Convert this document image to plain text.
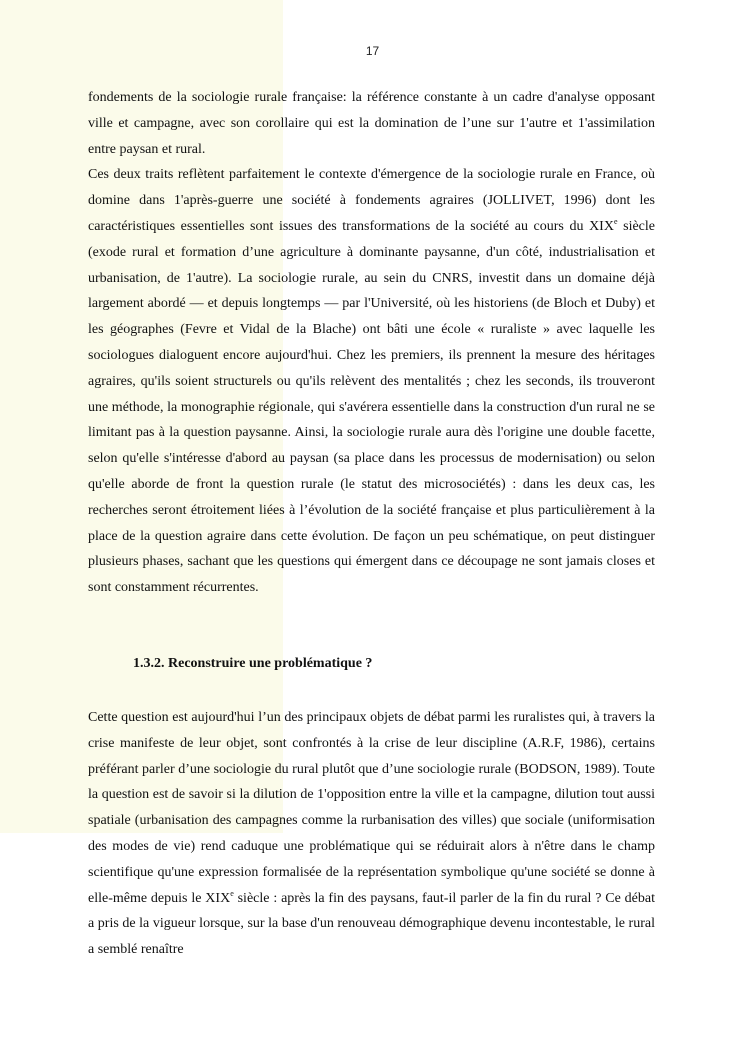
17

fondements de la sociologie rurale française: la référence constante à un cadre d'analyse opposant ville et campagne, avec son corollaire qui est la domination de l’une sur 1'autre et 1'assimilation entre paysan et rural.

Ces deux traits reflètent parfaitement le contexte d'émergence de la sociologie rurale en France, où domine dans 1'après-guerre une société à fondements agraires (JOLLIVET, 1996) dont les caractéristiques essentielles sont issues des transformations de la société au cours du XIXe siècle (exode rural et formation d’une agriculture à dominante paysanne, d'un côté, industrialisation et urbanisation, de 1'autre). La sociologie rurale, au sein du CNRS, investit dans un domaine déjà largement abordé — et depuis longtemps — par l'Université, où les historiens (de Bloch et Duby) et les géographes (Fevre et Vidal de la Blache) ont bâti une école « ruraliste » avec laquelle les sociologues dialoguent encore aujourd'hui. Chez les premiers, ils prennent la mesure des héritages agraires, qu'ils soient structurels ou qu'ils relèvent des mentalités ; chez les seconds, ils trouveront une méthode, la monographie régionale, qui s'avérera essentielle dans la construction d'un rural ne se limitant pas à la question paysanne. Ainsi, la sociologie rurale aura dès l'origine une double facette, selon qu'elle s'intéresse d'abord au paysan (sa place dans les processus de modernisation) ou selon qu'elle aborde de front la question rurale (le statut des microsociétés) : dans les deux cas, les recherches seront étroitement liées à l’évolution de la société française et plus particulièrement à la place de la question agraire dans cette évolution. De façon un peu schématique, on peut distinguer plusieurs phases, sachant que les questions qui émergent dans ce découpage ne sont jamais closes et sont constamment récurrentes.

1.3.2. Reconstruire une problématique ?

Cette question est aujourd'hui l’un des principaux objets de débat parmi les ruralistes qui, à travers la crise manifeste de leur objet, sont confrontés à la crise de leur discipline (A.R.F, 1986), certains préférant parler d’une sociologie du rural plutôt que d’une sociologie rurale (BODSON, 1989). Toute la question est de savoir si la dilution de 1'opposition entre la ville et la campagne, dilution tout aussi spatiale (urbanisation des campagnes comme la rurbanisation des villes) que sociale (uniformisation des modes de vie) rend caduque une problématique qui se réduirait alors à n'être dans le champ scientifique qu'une expression formalisée de la représentation symbolique qu'une société se donne à elle-même depuis le XIXe siècle : après la fin des paysans, faut-il parler de la fin du rural ? Ce débat a pris de la vigueur lorsque, sur la base d'un renouveau démographique devenu incontestable, le rural a semblé renaître
